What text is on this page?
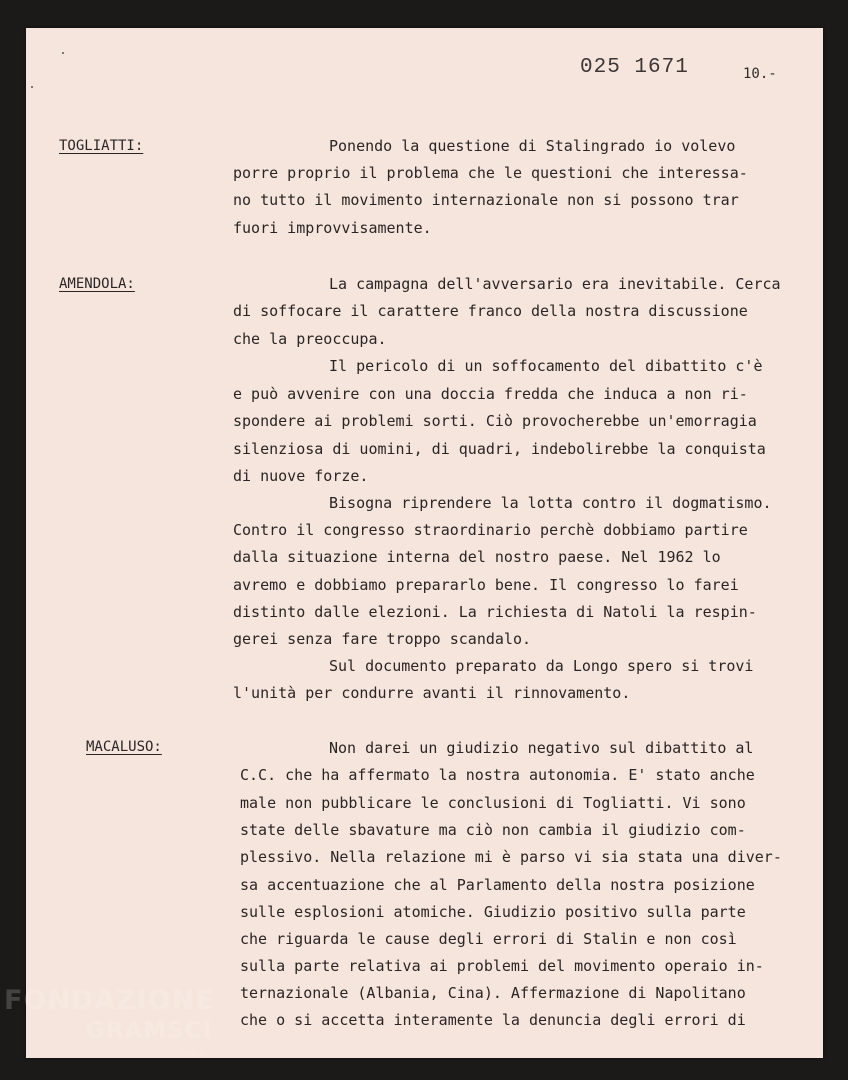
025 1671	10.-
TOGLIATTI:
AMENDOLA:
MACALUSO:
Ponendo la questione di Stalingrado io volevo
porre proprio il problema che le questioni che interessa-
no tutto il movimento internazionale non si possono trar
fuori improvvisamente.
La campagna dell'avversario era inevitabile. Cerca
di soffocare il carattere franco della nostra discussione
che la preoccupa.
Il pericolo di un soffocamento del dibattito c'è
e può avvenire con una doccia fredda che induca a non ri-
spondere ai problemi sorti. Ciò provocherebbe un'emorragia
silenziosa di uomini, di quadri, indebolirebbe la conquista
di nuove forze.
Bisogna riprendere la lotta contro il dogmatismo.
Contro il congresso straordinario perchè dobbiamo partire
dalla situazione interna del nostro paese. Nel 1962 lo
avremo e dobbiamo prepararlo bene. Il congresso lo farei
distinto dalle elezioni. La richiesta di Natoli la respin-
gerei senza fare troppo scandalo.
Sul documento preparato da Longo spero si trovi
l'unità per condurre avanti il rinnovamento.
Non darei un giudizio negativo sul dibattito al
C.C. che ha affermato la nostra autonomia. E' stato anche
male non pubblicare le conclusioni di Togliatti. Vi sono
state delle sbavature ma ciò non cambia il giudizio com-
plessivo. Nella relazione mi è parso vi sia stata una diver-
sa accentuazione che al Parlamento della nostra posizione
sulle esplosioni atomiche. Giudizio positivo sulla parte
che riguarda le cause degli errori di Stalin e non così
sulla parte relativa ai problemi del movimento operaio in-
ternazionale (Albania, Cina). Affermazione di Napolitano
che o si accetta interamente la denuncia degli errori di
